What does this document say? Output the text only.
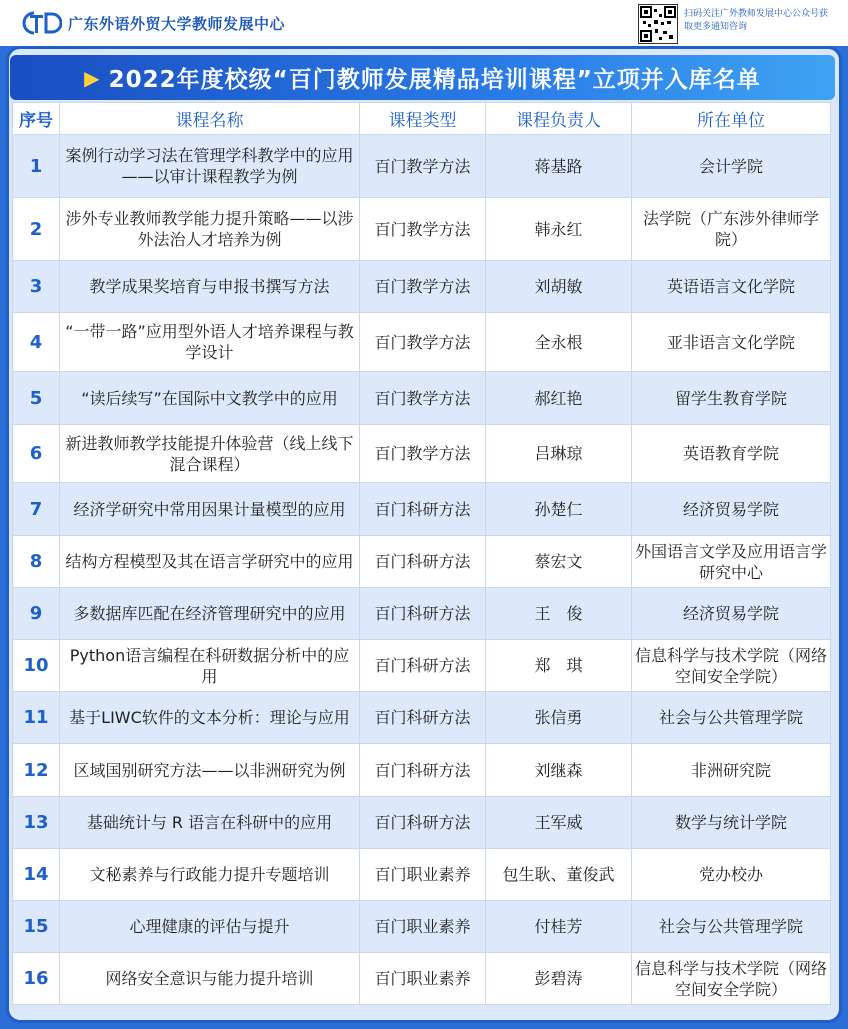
广东外语外贸大学教师发展中心
扫码关注广外教师发展中心公众号获取更多通知咨询
▶ 2022年度校级“百门教师发展精品培训课程”立项并入库名单
序号	课程名称	课程类型	课程负责人	所在单位
1	案例行动学习法在管理学科教学中的应用——以审计课程教学为例	百门教学方法	蒋基路	会计学院
2	涉外专业教师教学能力提升策略——以涉外法治人才培养为例	百门教学方法	韩永红	法学院（广东涉外律师学院）
3	教学成果奖培育与申报书撰写方法	百门教学方法	刘胡敏	英语语言文化学院
4	“一带一路”应用型外语人才培养课程与教学设计	百门教学方法	全永根	亚非语言文化学院
5	“读后续写”在国际中文教学中的应用	百门教学方法	郝红艳	留学生教育学院
6	新进教师教学技能提升体验营（线上线下混合课程）	百门教学方法	吕琳琼	英语教育学院
7	经济学研究中常用因果计量模型的应用	百门科研方法	孙楚仁	经济贸易学院
8	结构方程模型及其在语言学研究中的应用	百门科研方法	蔡宏文	外国语言文学及应用语言学研究中心
9	多数据库匹配在经济管理研究中的应用	百门科研方法	王　俊	经济贸易学院
10	Python语言编程在科研数据分析中的应用	百门科研方法	郑　琪	信息科学与技术学院（网络空间安全学院）
11	基于LIWC软件的文本分析：理论与应用	百门科研方法	张信勇	社会与公共管理学院
12	区域国别研究方法——以非洲研究为例	百门科研方法	刘继森	非洲研究院
13	基础统计与 R 语言在科研中的应用	百门科研方法	王军威	数学与统计学院
14	文秘素养与行政能力提升专题培训	百门职业素养	包生耿、董俊武	党办校办
15	心理健康的评估与提升	百门职业素养	付桂芳	社会与公共管理学院
16	网络安全意识与能力提升培训	百门职业素养	彭碧涛	信息科学与技术学院（网络空间安全学院）
